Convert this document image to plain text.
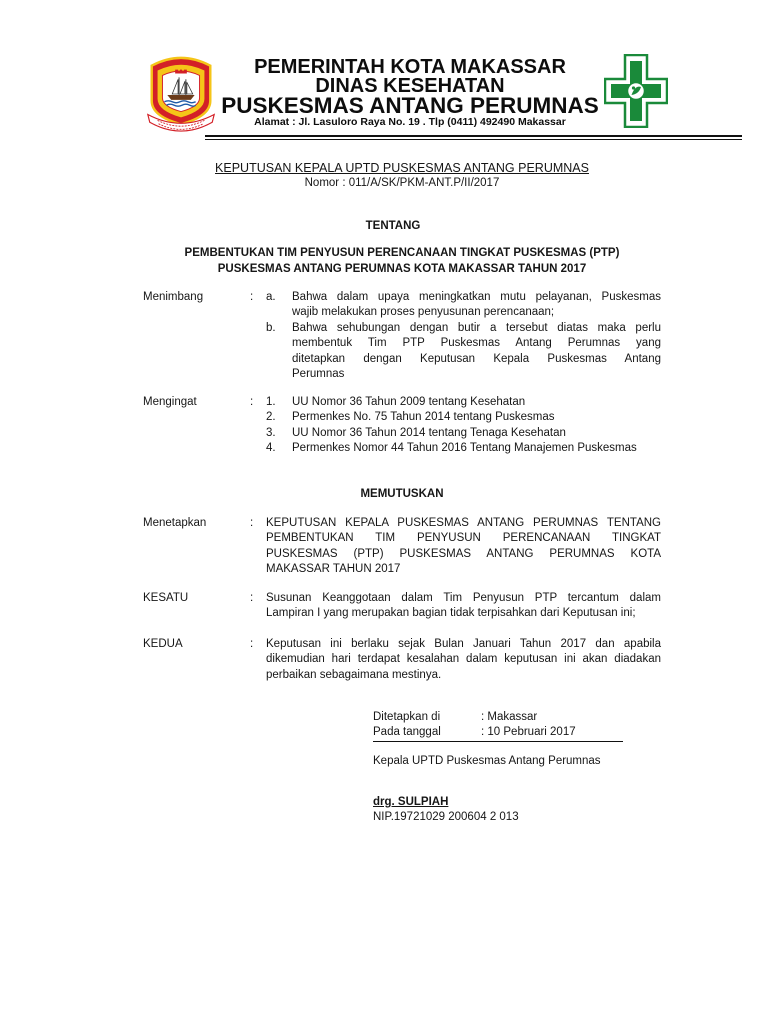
PEMERINTAH KOTA MAKASSAR
DINAS KESEHATAN
PUSKESMAS ANTANG PERUMNAS
Alamat : Jl. Lasuloro Raya No. 19 . Tlp (0411) 492490 Makassar
KEPUTUSAN KEPALA UPTD PUSKESMAS ANTANG PERUMNAS
Nomor : 011/A/SK/PKM-ANT.P/II/2017
TENTANG
PEMBENTUKAN TIM PENYUSUN PERENCANAAN TINGKAT PUSKESMAS (PTP)
PUSKESMAS ANTANG PERUMNAS KOTA MAKASSAR TAHUN 2017
Menimbang	: a.	Bahwa dalam upaya meningkatkan mutu pelayanan, Puskesmas
wajib melakukan proses penyusunan perencanaan;
b.	Bahwa sehubungan dengan butir a tersebut diatas maka perlu
membentuk Tim PTP Puskesmas Antang Perumnas yang
ditetapkan dengan Keputusan Kepala Puskesmas Antang
Perumnas
Mengingat	: 1.	UU Nomor 36 Tahun 2009 tentang Kesehatan
2.	Permenkes No. 75 Tahun 2014 tentang Puskesmas
3.	UU Nomor 36 Tahun 2014 tentang Tenaga Kesehatan
4.	Permenkes Nomor 44 Tahun 2016 Tentang Manajemen Puskesmas
MEMUTUSKAN
Menetapkan	: KEPUTUSAN KEPALA PUSKESMAS ANTANG PERUMNAS TENTANG
PEMBENTUKAN TIM PENYUSUN PERENCANAAN TINGKAT
PUSKESMAS (PTP) PUSKESMAS ANTANG PERUMNAS KOTA
MAKASSAR TAHUN 2017
KESATU	: Susunan Keanggotaan dalam Tim Penyusun PTP tercantum dalam
Lampiran I yang merupakan bagian tidak terpisahkan dari Keputusan ini;
KEDUA	: Keputusan ini berlaku sejak Bulan Januari Tahun 2017 dan apabila
dikemudian hari terdapat kesalahan dalam keputusan ini akan diadakan
perbaikan sebagaimana mestinya.
Ditetapkan di	: Makassar
Pada tanggal	: 10 Pebruari 2017
Kepala UPTD Puskesmas Antang Perumnas
drg. SULPIAH
NIP.19721029 200604 2 013
